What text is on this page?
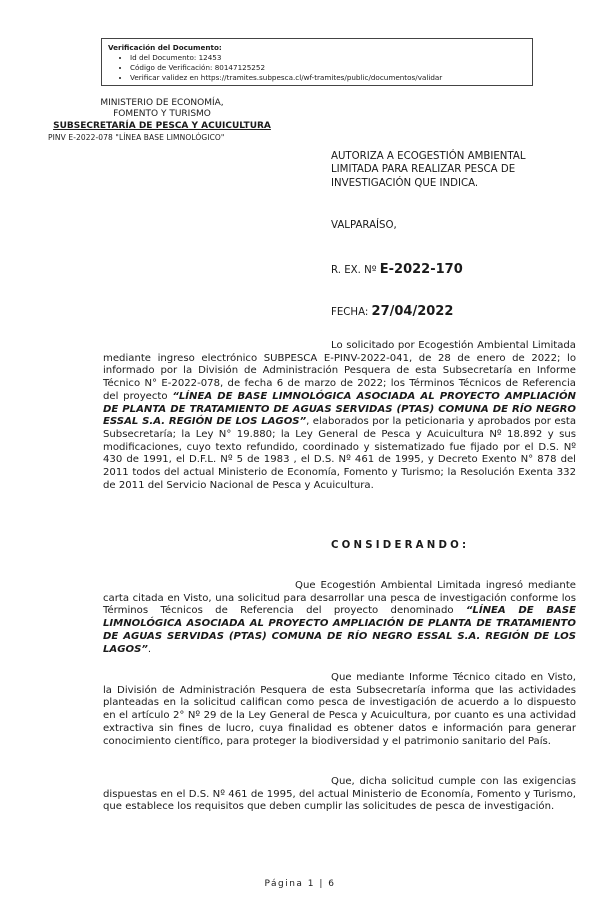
Verificación del Documento:
• Id del Documento: 12453
• Código de Verificación: 80147125252
• Verificar validez en https://tramites.subpesca.cl/wf-tramites/public/documentos/validar
MINISTERIO DE ECONOMÍA,
FOMENTO Y TURISMO
SUBSECRETARÍA DE PESCA Y ACUICULTURA
PINV E-2022-078 "LÍNEA BASE LIMNOLÓGICO"
AUTORIZA A ECOGESTIÓN AMBIENTAL LIMITADA PARA REALIZAR PESCA DE INVESTIGACIÓN QUE INDICA.
VALPARAÍSO,
R. EX. Nº E-2022-170
FECHA: 27/04/2022
Lo solicitado por Ecogestión Ambiental Limitada mediante ingreso electrónico SUBPESCA E-PINV-2022-041, de 28 de enero de 2022; lo informado por la División de Administración Pesquera de esta Subsecretaría en Informe Técnico N° E-2022-078, de fecha 6 de marzo de 2022; los Términos Técnicos de Referencia del proyecto “LÍNEA DE BASE LIMNOLÓGICA ASOCIADA AL PROYECTO AMPLIACIÓN DE PLANTA DE TRATAMIENTO DE AGUAS SERVIDAS (PTAS) COMUNA DE RÍO NEGRO ESSAL S.A. REGIÓN DE LOS LAGOS”, elaborados por la peticionaria y aprobados por esta Subsecretaría; la Ley N° 19.880; la Ley General de Pesca y Acuicultura Nº 18.892 y sus modificaciones, cuyo texto refundido, coordinado y sistematizado fue fijado por el D.S. Nº 430 de 1991, el D.F.L. Nº 5 de 1983 , el D.S. Nº 461 de 1995, y Decreto Exento N° 878 del 2011 todos del actual Ministerio de Economía, Fomento y Turismo; la Resolución Exenta 332 de 2011 del Servicio Nacional de Pesca y Acuicultura.
CONSIDERANDO:
Que Ecogestión Ambiental Limitada ingresó mediante carta citada en Visto, una solicitud para desarrollar una pesca de investigación conforme los Términos Técnicos de Referencia del proyecto denominado “LÍNEA DE BASE LIMNOLÓGICA ASOCIADA AL PROYECTO AMPLIACIÓN DE PLANTA DE TRATAMIENTO DE AGUAS SERVIDAS (PTAS) COMUNA DE RÍO NEGRO ESSAL S.A. REGIÓN DE LOS LAGOS”.
Que mediante Informe Técnico citado en Visto, la División de Administración Pesquera de esta Subsecretaría informa que las actividades planteadas en la solicitud califican como pesca de investigación de acuerdo a lo dispuesto en el artículo 2° Nº 29 de la Ley General de Pesca y Acuicultura, por cuanto es una actividad extractiva sin fines de lucro, cuya finalidad es obtener datos e información para generar conocimiento científico, para proteger la biodiversidad y el patrimonio sanitario del País.
Que, dicha solicitud cumple con las exigencias dispuestas en el D.S. Nº 461 de 1995, del actual Ministerio de Economía, Fomento y Turismo, que establece los requisitos que deben cumplir las solicitudes de pesca de investigación.
Página 1 | 6
